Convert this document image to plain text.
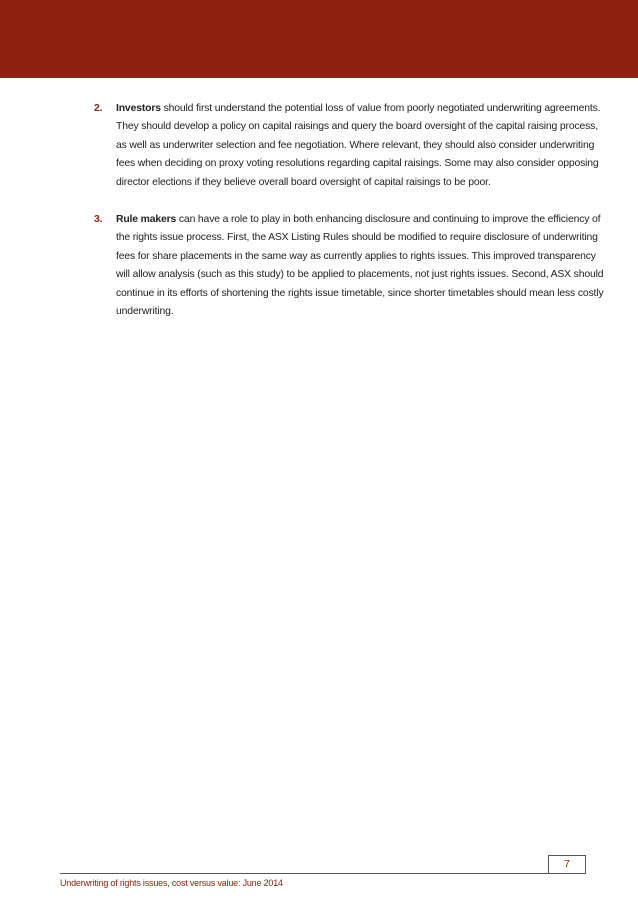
2. Investors should first understand the potential loss of value from poorly negotiated underwriting agreements. They should develop a policy on capital raisings and query the board oversight of the capital raising process, as well as underwriter selection and fee negotiation. Where relevant, they should also consider underwriting fees when deciding on proxy voting resolutions regarding capital raisings. Some may also consider opposing director elections if they believe overall board oversight of capital raisings to be poor.
3. Rule makers can have a role to play in both enhancing disclosure and continuing to improve the efficiency of the rights issue process. First, the ASX Listing Rules should be modified to require disclosure of underwriting fees for share placements in the same way as currently applies to rights issues. This improved transparency will allow analysis (such as this study) to be applied to placements, not just rights issues. Second, ASX should continue in its efforts of shortening the rights issue timetable, since shorter timetables should mean less costly underwriting.
7
Underwriting of rights issues, cost versus value: June 2014
